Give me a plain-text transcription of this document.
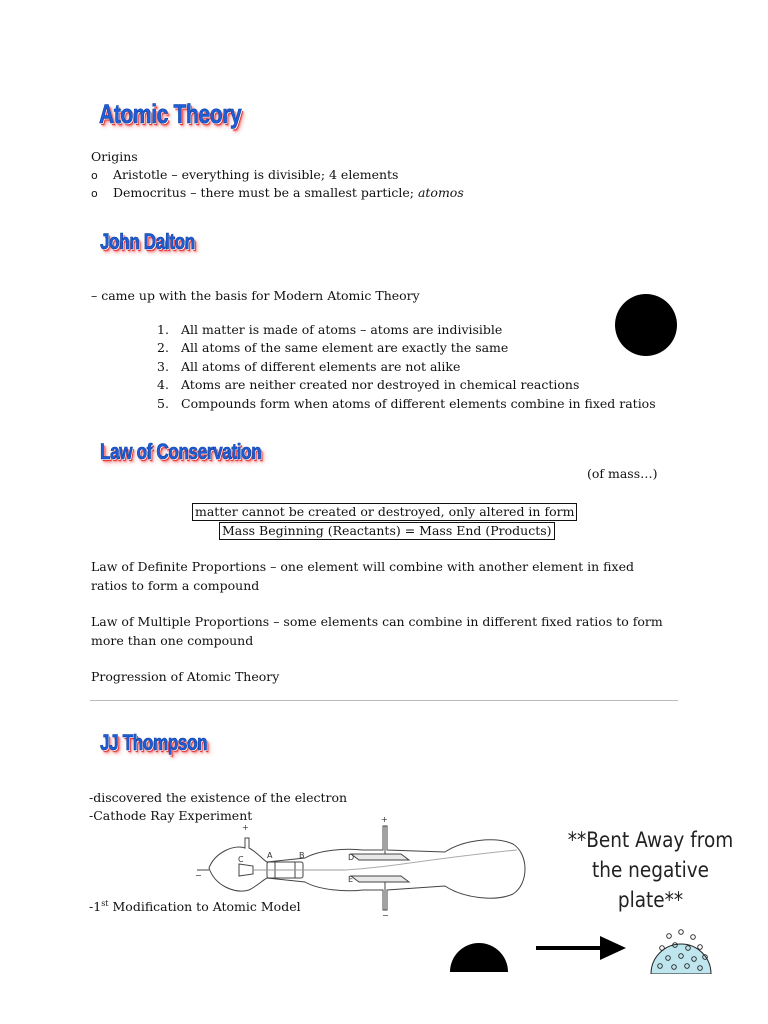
Atomic Theory
John Dalton
Law of Conservation
JJ Thompson
Origins
o Aristotle – everything is divisible; 4 elements
o Democritus – there must be a smallest particle; atomos
– came up with the basis for Modern Atomic Theory
1. All matter is made of atoms – atoms are indivisible
2. All atoms of the same element are exactly the same
3. All atoms of different elements are not alike
4. Atoms are neither created nor destroyed in chemical reactions
5. Compounds form when atoms of different elements combine in fixed ratios
(of mass…)
matter cannot be created or destroyed, only altered in form
Mass Beginning (Reactants) = Mass End (Products)
Law of Definite Proportions – one element will combine with another element in fixed
ratios to form a compound
Law of Multiple Proportions – some elements can combine in different fixed ratios to form
more than one compound
Progression of Atomic Theory
-discovered the existence of the electron
-Cathode Ray Experiment
-1st Modification to Atomic Model
+
−
+
−
C	A	B	D
E
**Bent Away from
the negative plate**
